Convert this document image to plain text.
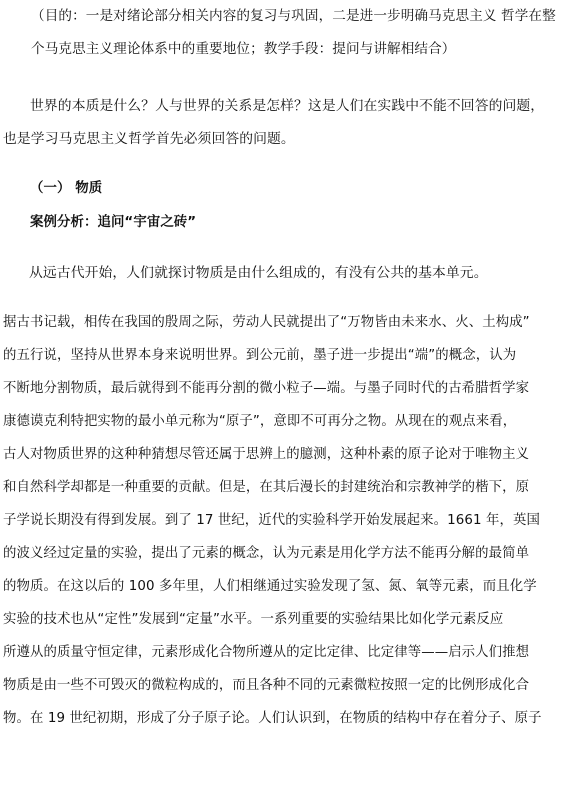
（目的：一是对绪论部分相关内容的复习与巩固，二是进一步明确马克思主义 哲学在整
个马克思主义理论体系中的重要地位；教学手段：提问与讲解相结合）
世界的本质是什么？人与世界的关系是怎样？这是人们在实践中不能不回答的问题，
也是学习马克思主义哲学首先必须回答的问题。
（一） 物质
案例分析：追问“宇宙之砖”
从远古代开始，人们就探讨物质是由什么组成的，有没有公共的基本单元。
据古书记载，相传在我国的殷周之际，劳动人民就提出了“万物皆由未来水、火、土构成”
的五行说，坚持从世界本身来说明世界。到公元前，墨子进一步提出“端”的概念，认为
不断地分割物质，最后就得到不能再分割的微小粒子—端。与墨子同时代的古希腊哲学家
康德谟克利特把实物的最小单元称为“原子”，意即不可再分之物。从现在的观点来看，
古人对物质世界的这种种猜想尽管还属于思辨上的臆测，这种朴素的原子论对于唯物主义
和自然科学却都是一种重要的贡献。但是，在其后漫长的封建统治和宗教神学的楷下，原
子学说长期没有得到发展。到了 17 世纪，近代的实验科学开始发展起来。1661 年，英国
的波义经过定量的实验，提出了元素的概念，认为元素是用化学方法不能再分解的最简单
的物质。在这以后的 100 多年里，人们相继通过实验发现了氢、氮、氧等元素，而且化学
实验的技术也从“定性”发展到“定量”水平。一系列重要的实验结果比如化学元素反应
所遵从的质量守恒定律，元素形成化合物所遵从的定比定律、比定律等——启示人们推想
物质是由一些不可毁灭的微粒构成的，而且各种不同的元素微粒按照一定的比例形成化合
物。在 19 世纪初期，形成了分子原子论。人们认识到，在物质的结构中存在着分子、原子
